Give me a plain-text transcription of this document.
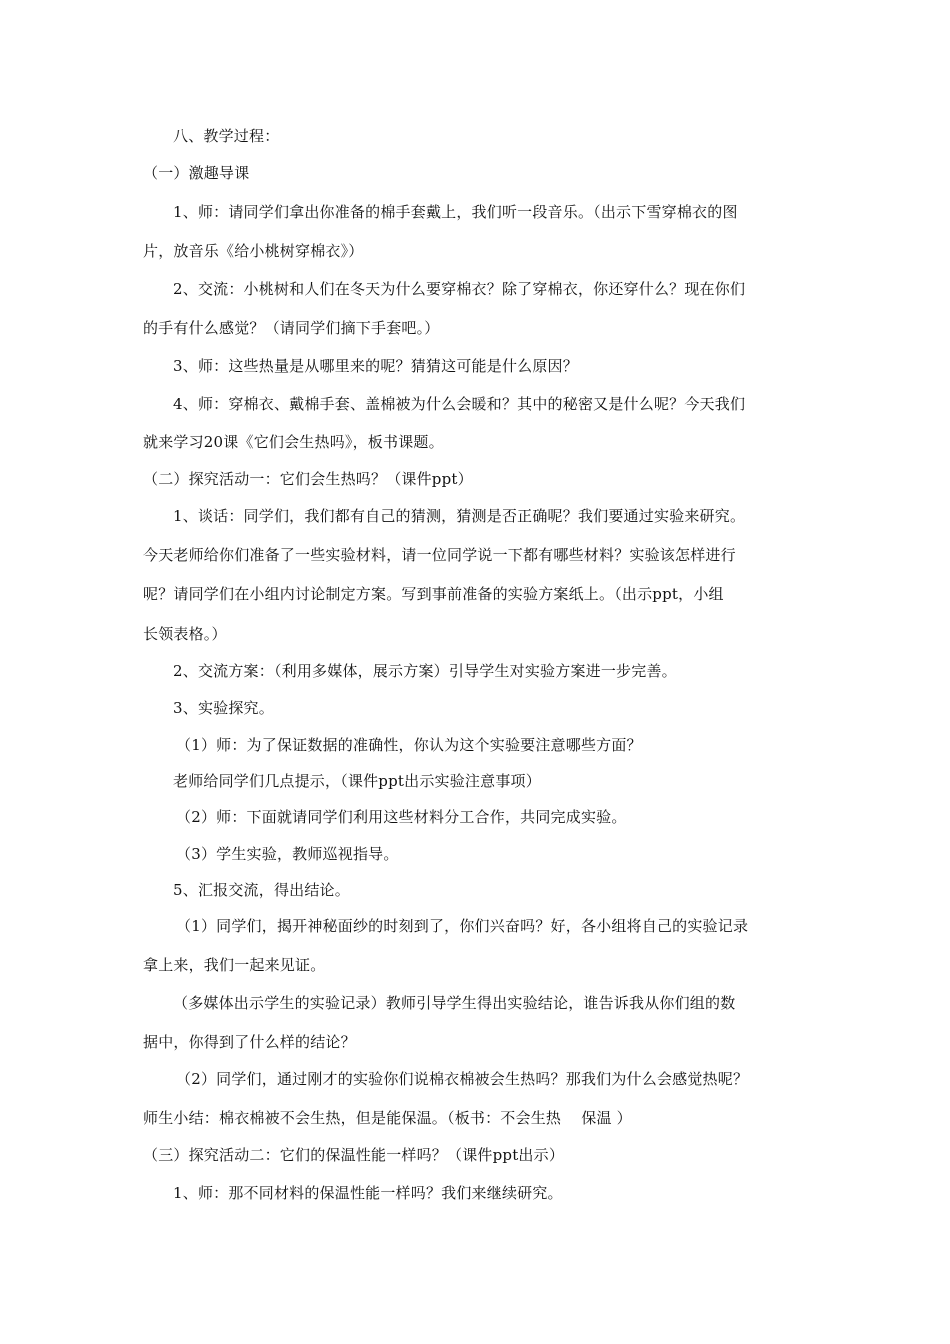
八、教学过程：
（一）激趣导课
1、师：请同学们拿出你准备的棉手套戴上，我们听一段音乐。（出示下雪穿棉衣的图
片，放音乐《给小桃树穿棉衣》）
2、交流：小桃树和人们在冬天为什么要穿棉衣？除了穿棉衣，你还穿什么？现在你们
的手有什么感觉？（请同学们摘下手套吧。）
3、师：这些热量是从哪里来的呢？猜猜这可能是什么原因？
4、师：穿棉衣、戴棉手套、盖棉被为什么会暖和？其中的秘密又是什么呢？今天我们
就来学习20课《它们会生热吗》，板书课题。
（二）探究活动一：它们会生热吗？（课件ppt）
1、谈话：同学们，我们都有自己的猜测，猜测是否正确呢？我们要通过实验来研究。
今天老师给你们准备了一些实验材料，请一位同学说一下都有哪些材料？实验该怎样进行
呢？请同学们在小组内讨论制定方案。写到事前准备的实验方案纸上。（出示ppt，小组
长领表格。）
2、交流方案：（利用多媒体，展示方案）引导学生对实验方案进一步完善。
3、实验探究。
（1）师：为了保证数据的准确性，你认为这个实验要注意哪些方面？
老师给同学们几点提示，（课件ppt出示实验注意事项）
（2）师：下面就请同学们利用这些材料分工合作，共同完成实验。
（3）学生实验，教师巡视指导。
5、汇报交流，得出结论。
（1）同学们，揭开神秘面纱的时刻到了，你们兴奋吗？好，各小组将自己的实验记录
拿上来，我们一起来见证。
（多媒体出示学生的实验记录）教师引导学生得出实验结论，谁告诉我从你们组的数
据中，你得到了什么样的结论？
（2）同学们，通过刚才的实验你们说棉衣棉被会生热吗？那我们为什么会感觉热呢？
师生小结：棉衣棉被不会生热，但是能保温。（板书：不会生热　 保温 ）
（三）探究活动二：它们的保温性能一样吗？（课件ppt出示）
1、师：那不同材料的保温性能一样吗？我们来继续研究。
